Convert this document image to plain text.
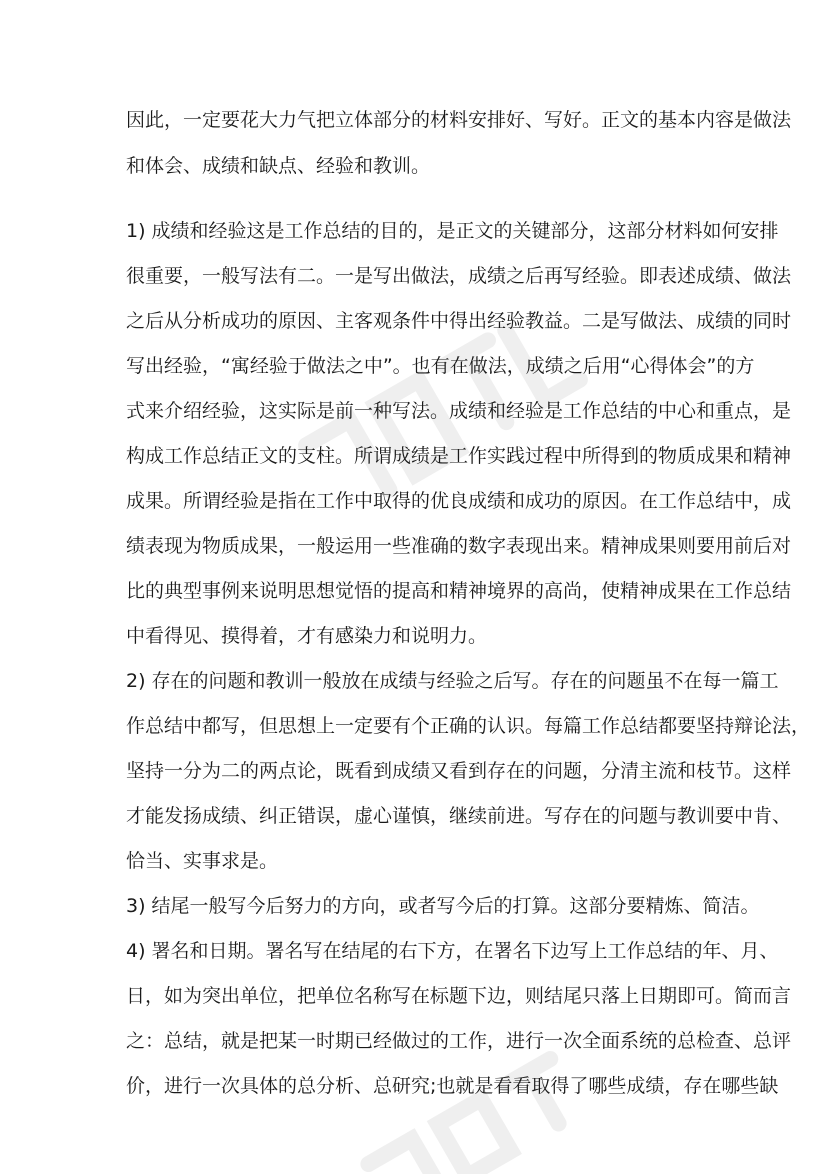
因此，一定要花大力气把立体部分的材料安排好、写好。正文的基本内容是做法
和体会、成绩和缺点、经验和教训。
1) 成绩和经验这是工作总结的目的，是正文的关键部分，这部分材料如何安排
很重要，一般写法有二。一是写出做法，成绩之后再写经验。即表述成绩、做法
之后从分析成功的原因、主客观条件中得出经验教益。二是写做法、成绩的同时
写出经验，“寓经验于做法之中”。也有在做法，成绩之后用“心得体会”的方
式来介绍经验，这实际是前一种写法。成绩和经验是工作总结的中心和重点，是
构成工作总结正文的支柱。所谓成绩是工作实践过程中所得到的物质成果和精神
成果。所谓经验是指在工作中取得的优良成绩和成功的原因。在工作总结中，成
绩表现为物质成果，一般运用一些准确的数字表现出来。精神成果则要用前后对
比的典型事例来说明思想觉悟的提高和精神境界的高尚，使精神成果在工作总结
中看得见、摸得着，才有感染力和说明力。
2) 存在的问题和教训一般放在成绩与经验之后写。存在的问题虽不在每一篇工
作总结中都写，但思想上一定要有个正确的认识。每篇工作总结都要坚持辩论法，
坚持一分为二的两点论，既看到成绩又看到存在的问题，分清主流和枝节。这样
才能发扬成绩、纠正错误，虚心谨慎，继续前进。写存在的问题与教训要中肯、
恰当、实事求是。
3) 结尾一般写今后努力的方向，或者写今后的打算。这部分要精炼、简洁。
4) 署名和日期。署名写在结尾的右下方，在署名下边写上工作总结的年、月、
日，如为突出单位，把单位名称写在标题下边，则结尾只落上日期即可。简而言
之：总结，就是把某一时期已经做过的工作，进行一次全面系统的总检查、总评
价，进行一次具体的总分析、总研究;也就是看看取得了哪些成绩，存在哪些缺
